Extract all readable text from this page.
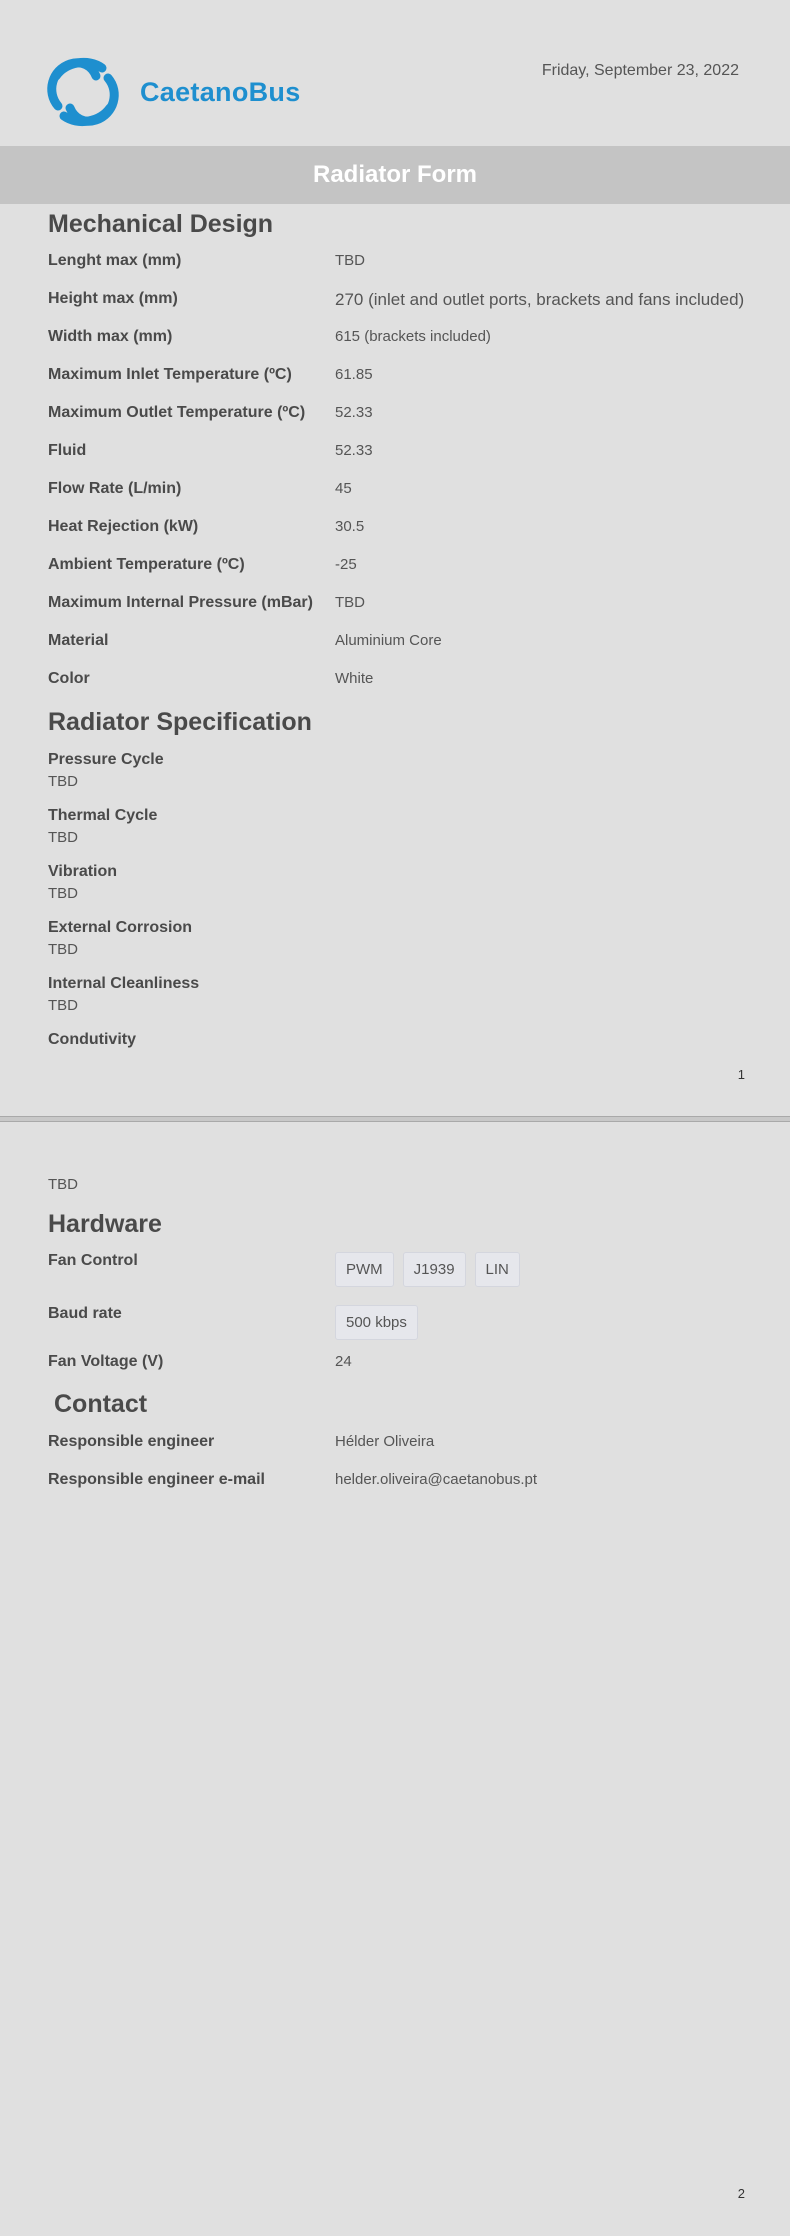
CaetanoBus
Friday, September 23, 2022
Radiator Form
Mechanical Design
Lenght max (mm)	TBD
Height max (mm)	270 (inlet and outlet ports, brackets and fans included)
Width max (mm)	615 (brackets included)
Maximum Inlet Temperature (ºC)	61.85
Maximum Outlet Temperature (ºC)	52.33
Fluid	52.33
Flow Rate (L/min)	45
Heat Rejection (kW)	30.5
Ambient Temperature (ºC)	-25
Maximum Internal Pressure (mBar)	TBD
Material	Aluminium Core
Color	White
Radiator Specification
Pressure Cycle
TBD
Thermal Cycle
TBD
Vibration
TBD
External Corrosion
TBD
Internal Cleanliness
TBD
Condutivity
1
TBD
Hardware
Fan Control
PWM J1939 LIN
Baud rate
500 kbps
Fan Voltage (V)	24
Contact
Responsible engineer	Hélder Oliveira
Responsible engineer e-mail	helder.oliveira@caetanobus.pt
2
